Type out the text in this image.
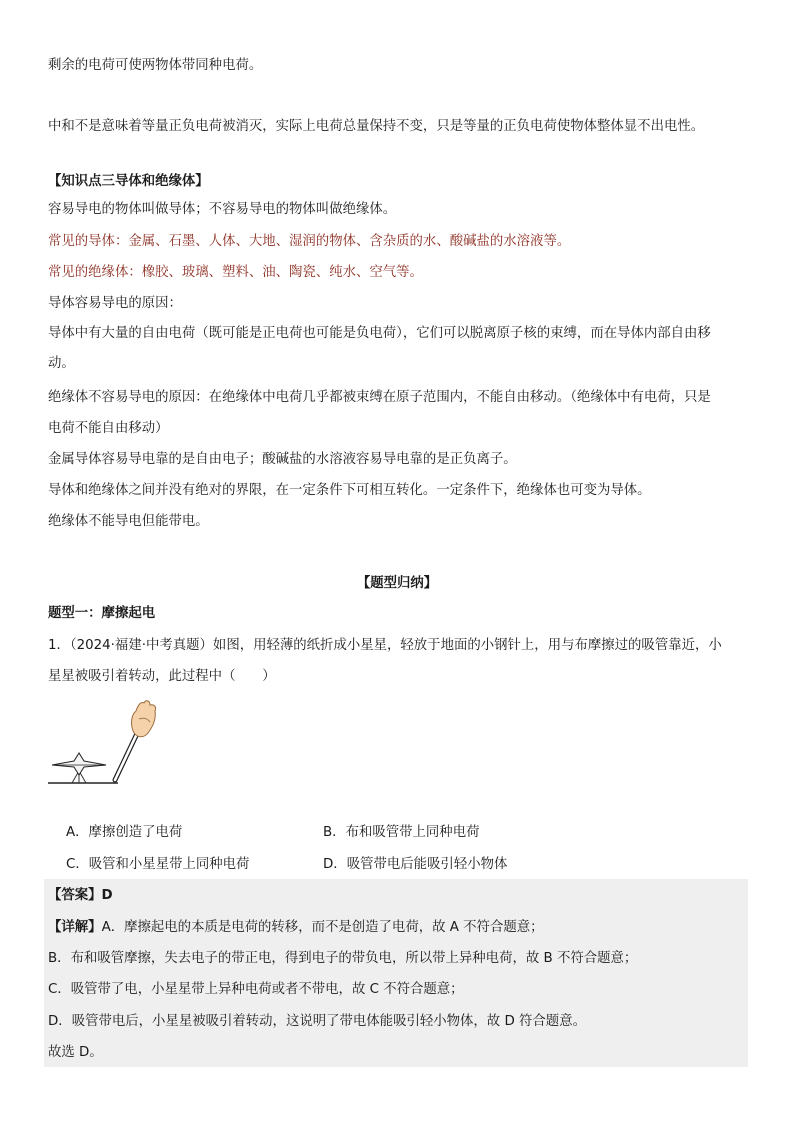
剩余的电荷可使两物体带同种电荷。
中和不是意味着等量正负电荷被消灭，实际上电荷总量保持不变，只是等量的正负电荷使物体整体显不出电性。
【知识点三导体和绝缘体】
容易导电的物体叫做导体；不容易导电的物体叫做绝缘体。
常见的导体：金属、石墨、人体、大地、湿润的物体、含杂质的水、酸碱盐的水溶液等。
常见的绝缘体：橡胶、玻璃、塑料、油、陶瓷、纯水、空气等。
导体容易导电的原因：
导体中有大量的自由电荷（既可能是正电荷也可能是负电荷），它们可以脱离原子核的束缚，而在导体内部自由移
动。
绝缘体不容易导电的原因：在绝缘体中电荷几乎都被束缚在原子范围内，不能自由移动。（绝缘体中有电荷，只是
电荷不能自由移动）
金属导体容易导电靠的是自由电子；酸碱盐的水溶液容易导电靠的是正负离子。
导体和绝缘体之间并没有绝对的界限，在一定条件下可相互转化。一定条件下，绝缘体也可变为导体。
绝缘体不能导电但能带电。
【题型归纳】
题型一：摩擦起电
1．（2024·福建·中考真题）如图，用轻薄的纸折成小星星，轻放于地面的小钢针上，用与布摩擦过的吸管靠近，小
星星被吸引着转动，此过程中（　　）
A．摩擦创造了电荷	B．布和吸管带上同种电荷
C．吸管和小星星带上同种电荷	D．吸管带电后能吸引轻小物体
【答案】D
【详解】A．摩擦起电的本质是电荷的转移，而不是创造了电荷，故 A 不符合题意；
B．布和吸管摩擦，失去电子的带正电，得到电子的带负电，所以带上异种电荷，故 B 不符合题意；
C．吸管带了电，小星星带上异种电荷或者不带电，故 C 不符合题意；
D．吸管带电后，小星星被吸引着转动，这说明了带电体能吸引轻小物体，故 D 符合题意。
故选 D。
